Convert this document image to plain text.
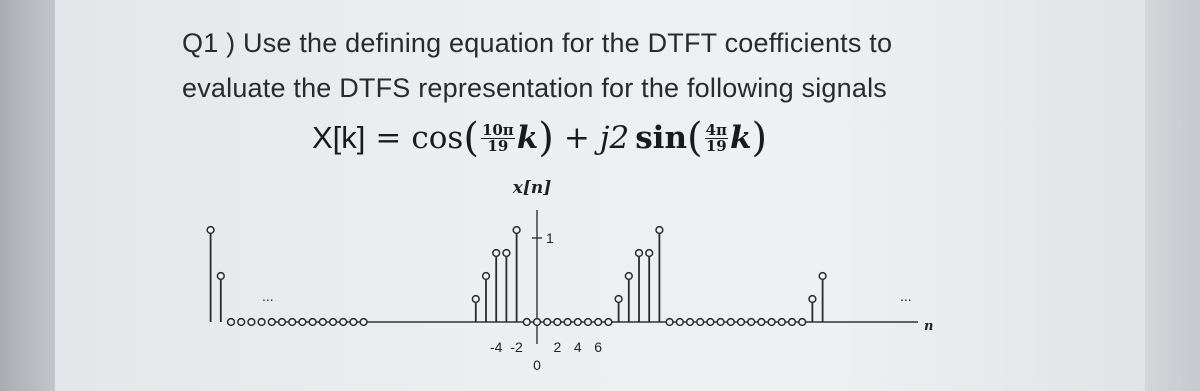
Q1 ) Use the defining equation for the DTFT coefficients to
evaluate the DTFS representation for the following signals
X[k] = cos ( $\frac{10\pi}{19}$ k ) + j2 sin ( $\frac{4\pi}{19}$ k )
x[n]
1
...	...
n
-4 -2
0
2 4 6
